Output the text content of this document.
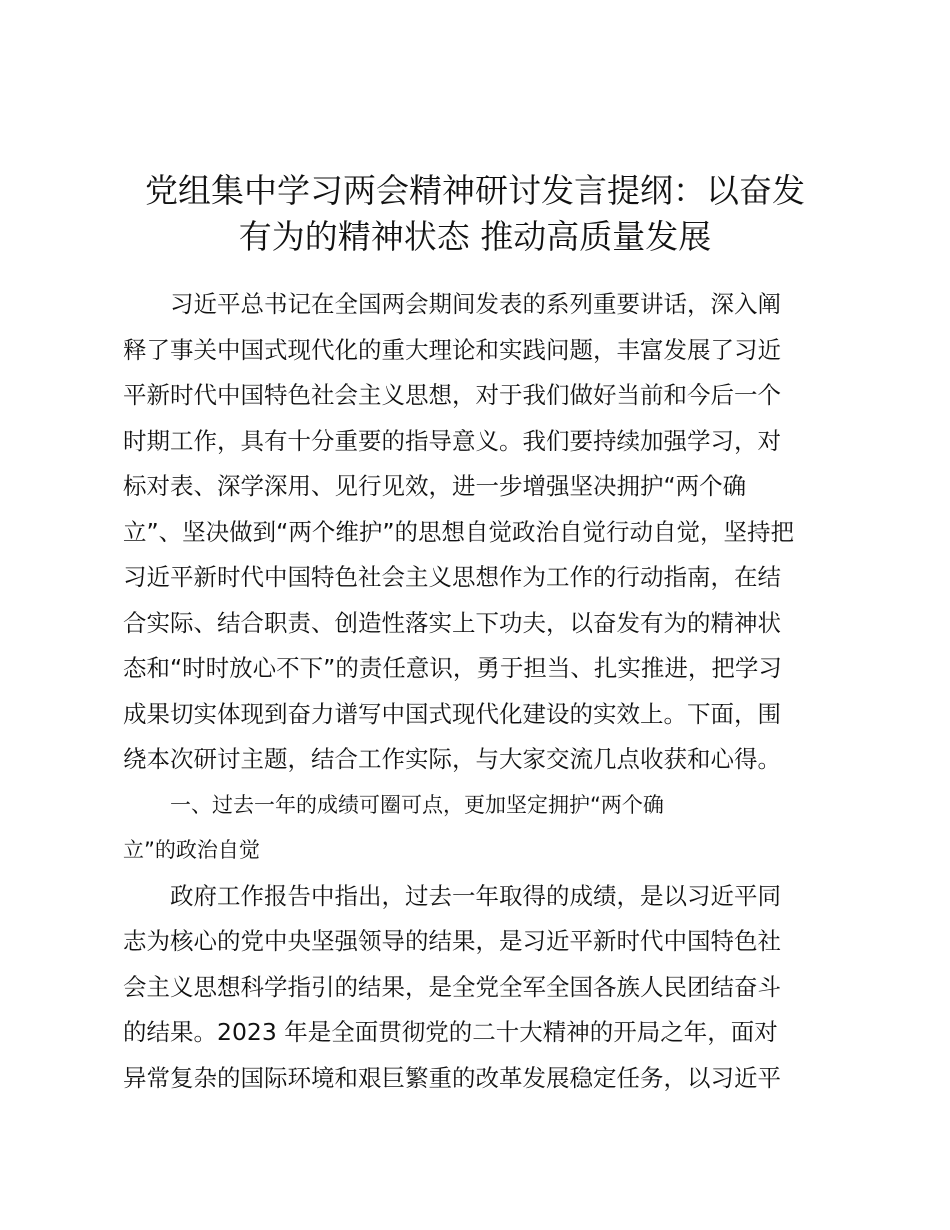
党组集中学习两会精神研讨发言提纲：以奋发
有为的精神状态 推动高质量发展
习近平总书记在全国两会期间发表的系列重要讲话，深入阐
释了事关中国式现代化的重大理论和实践问题，丰富发展了习近
平新时代中国特色社会主义思想，对于我们做好当前和今后一个
时期工作，具有十分重要的指导意义。我们要持续加强学习，对
标对表、深学深用、见行见效，进一步增强坚决拥护“两个确
立”、坚决做到“两个维护”的思想自觉政治自觉行动自觉，坚持把
习近平新时代中国特色社会主义思想作为工作的行动指南，在结
合实际、结合职责、创造性落实上下功夫，以奋发有为的精神状
态和“时时放心不下”的责任意识，勇于担当、扎实推进，把学习
成果切实体现到奋力谱写中国式现代化建设的实效上。下面，围
绕本次研讨主题，结合工作实际，与大家交流几点收获和心得。
一、过去一年的成绩可圈可点，更加坚定拥护“两个确
立”的政治自觉
政府工作报告中指出，过去一年取得的成绩，是以习近平同
志为核心的党中央坚强领导的结果，是习近平新时代中国特色社
会主义思想科学指引的结果，是全党全军全国各族人民团结奋斗
的结果。2023 年是全面贯彻党的二十大精神的开局之年，面对
异常复杂的国际环境和艰巨繁重的改革发展稳定任务，以习近平
